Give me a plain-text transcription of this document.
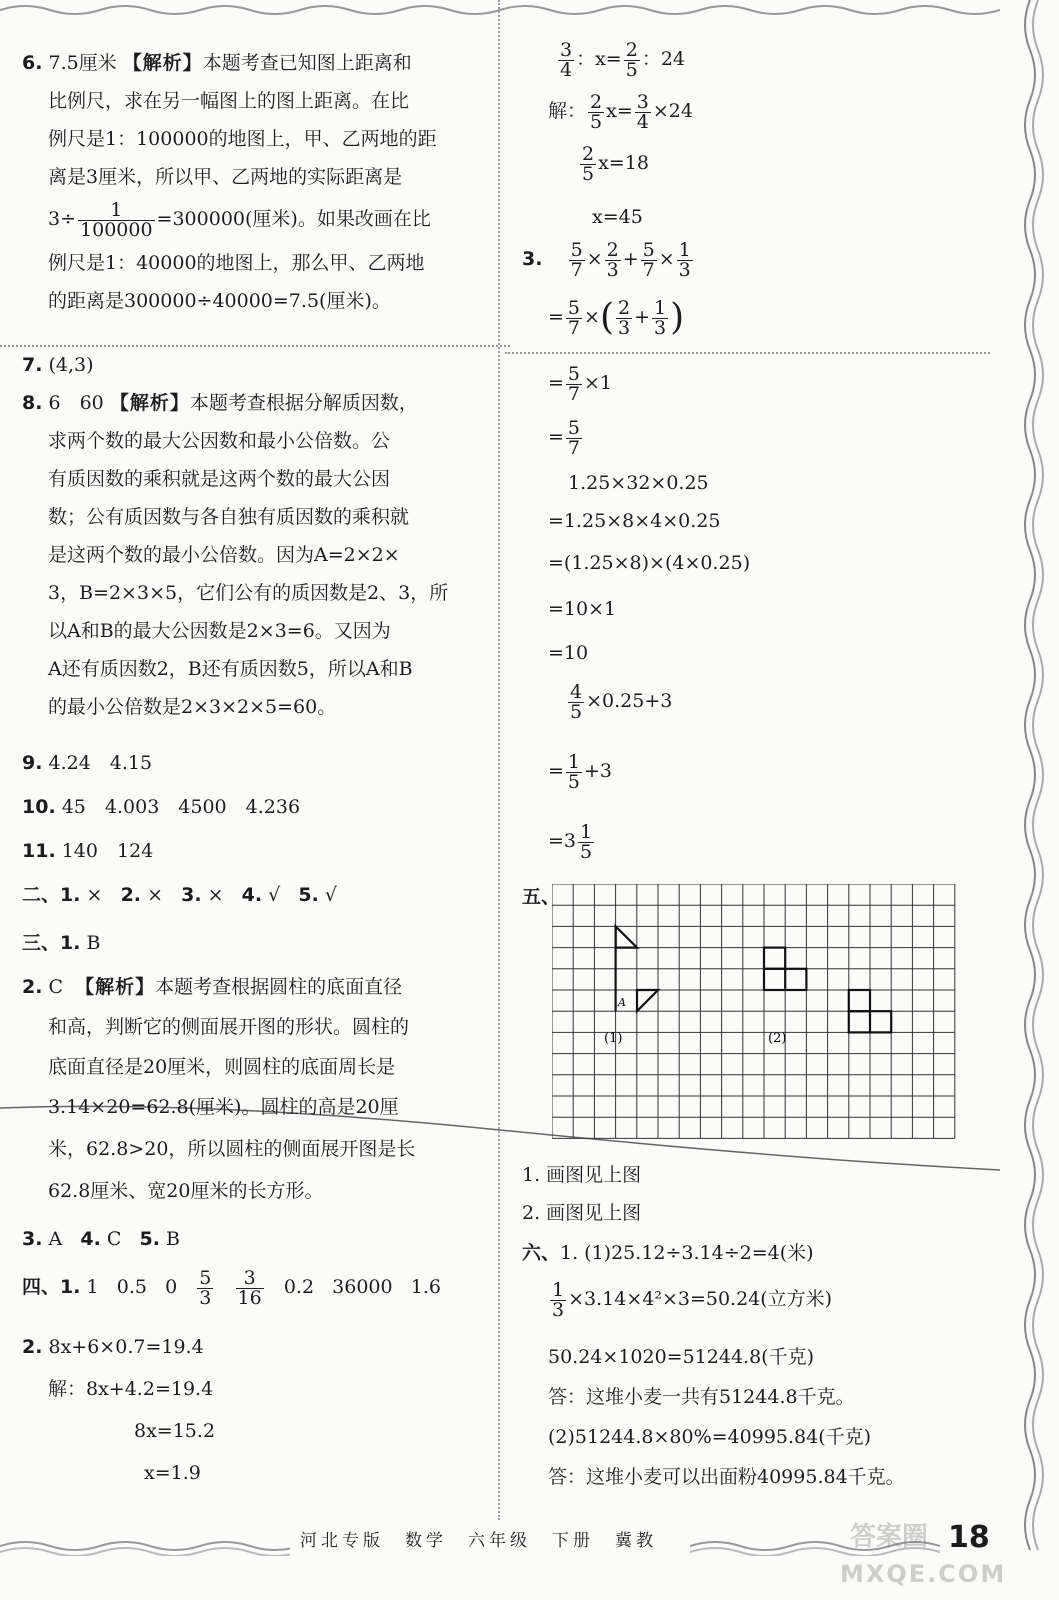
6. 7.5厘米 【解析】本题考查已知图上距离和
比例尺，求在另一幅图上的图上距离。在比
例尺是1：100000的地图上，甲、乙两地的距
离是3厘米，所以甲、乙两地的实际距离是
$3\div \frac{1}{100000} =300000$(厘米)。如果改画在比
例尺是1：40000的地图上，那么甲、乙两地
的距离是300000÷40000=7.5(厘米)。
7. (4,3)
8. 6　60 【解析】本题考查根据分解质因数，
求两个数的最大公因数和最小公倍数。公
有质因数的乘积就是这两个数的最大公因
数；公有质因数与各自独有质因数的乘积就
是这两个数的最小公倍数。因为A=2×2×
3，B=2×3×5，它们公有的质因数是2、3，所
以A和B的最大公因数是2×3=6。又因为
A还有质因数2，B还有质因数5，所以A和B
的最小公倍数是2×3×2×5=60。
9. 4.24　4.15
10. 45　4.003　4500　4.236
11. 140　124
二、1. × 2. × 3. × 4. √ 5. √
三、1. B
2. C 【解析】本题考查根据圆柱的底面直径
和高，判断它的侧面展开图的形状。圆柱的
底面直径是20厘米，则圆柱的底面周长是
3.14×20=62.8(厘米)。圆柱的高是20厘
米，62.8>20，所以圆柱的侧面展开图是长
62.8厘米、宽20厘米的长方形。
3. A 4. C 5. B
四、1. 1 0.5 $0 \frac{5}{3}$
$\frac{3}{16} 0.2$ 36000 1.6
2. 8x+6×0.7=19.4
解：8x+4.2=19.4
8x=15.2
x=1.9
$\frac{3}{4}$ ：$x= \frac{2}{5}$ ：24
解： $\frac{2}{5} x= \frac{3}{4} \times 24$
$\frac{2}{5} x=18$
x=45
3. $\frac{5}{7} \times \frac{2}{3} + \frac{5}{7} \times \frac{1}{3}$
= $\frac{5}{7}$ ×( $\frac{2}{3} + \frac{1}{3}$ )
= $\frac{5}{7} \times 1$
= $\frac{5}{7}$
1.25×32×0.25
=1.25×8×4×0.25
=(1.25×8)×(4×0.25)
=10×1
=10
$\frac{4}{5} \times 0.25+3$
= $\frac{1}{5} +3$
$=3 \frac{1}{5}$
五、
A
(1)	(2)
1. 画图见上图
2. 画图见上图
六、1. (1)25.12÷3.14÷2=4(米)
$\frac{1}{3} \times 3.14\times 4^2\times 3=50.24$(立方米)
50.24×1020=51244.8(千克)
答：这堆小麦一共有51244.8千克。
(2)51244.8×80%=40995.84(千克)
答：这堆小麦可以出面粉40995.84千克。
河北专版　数学　六年级　下册　冀教	答案圈
MXQE.COM
18
